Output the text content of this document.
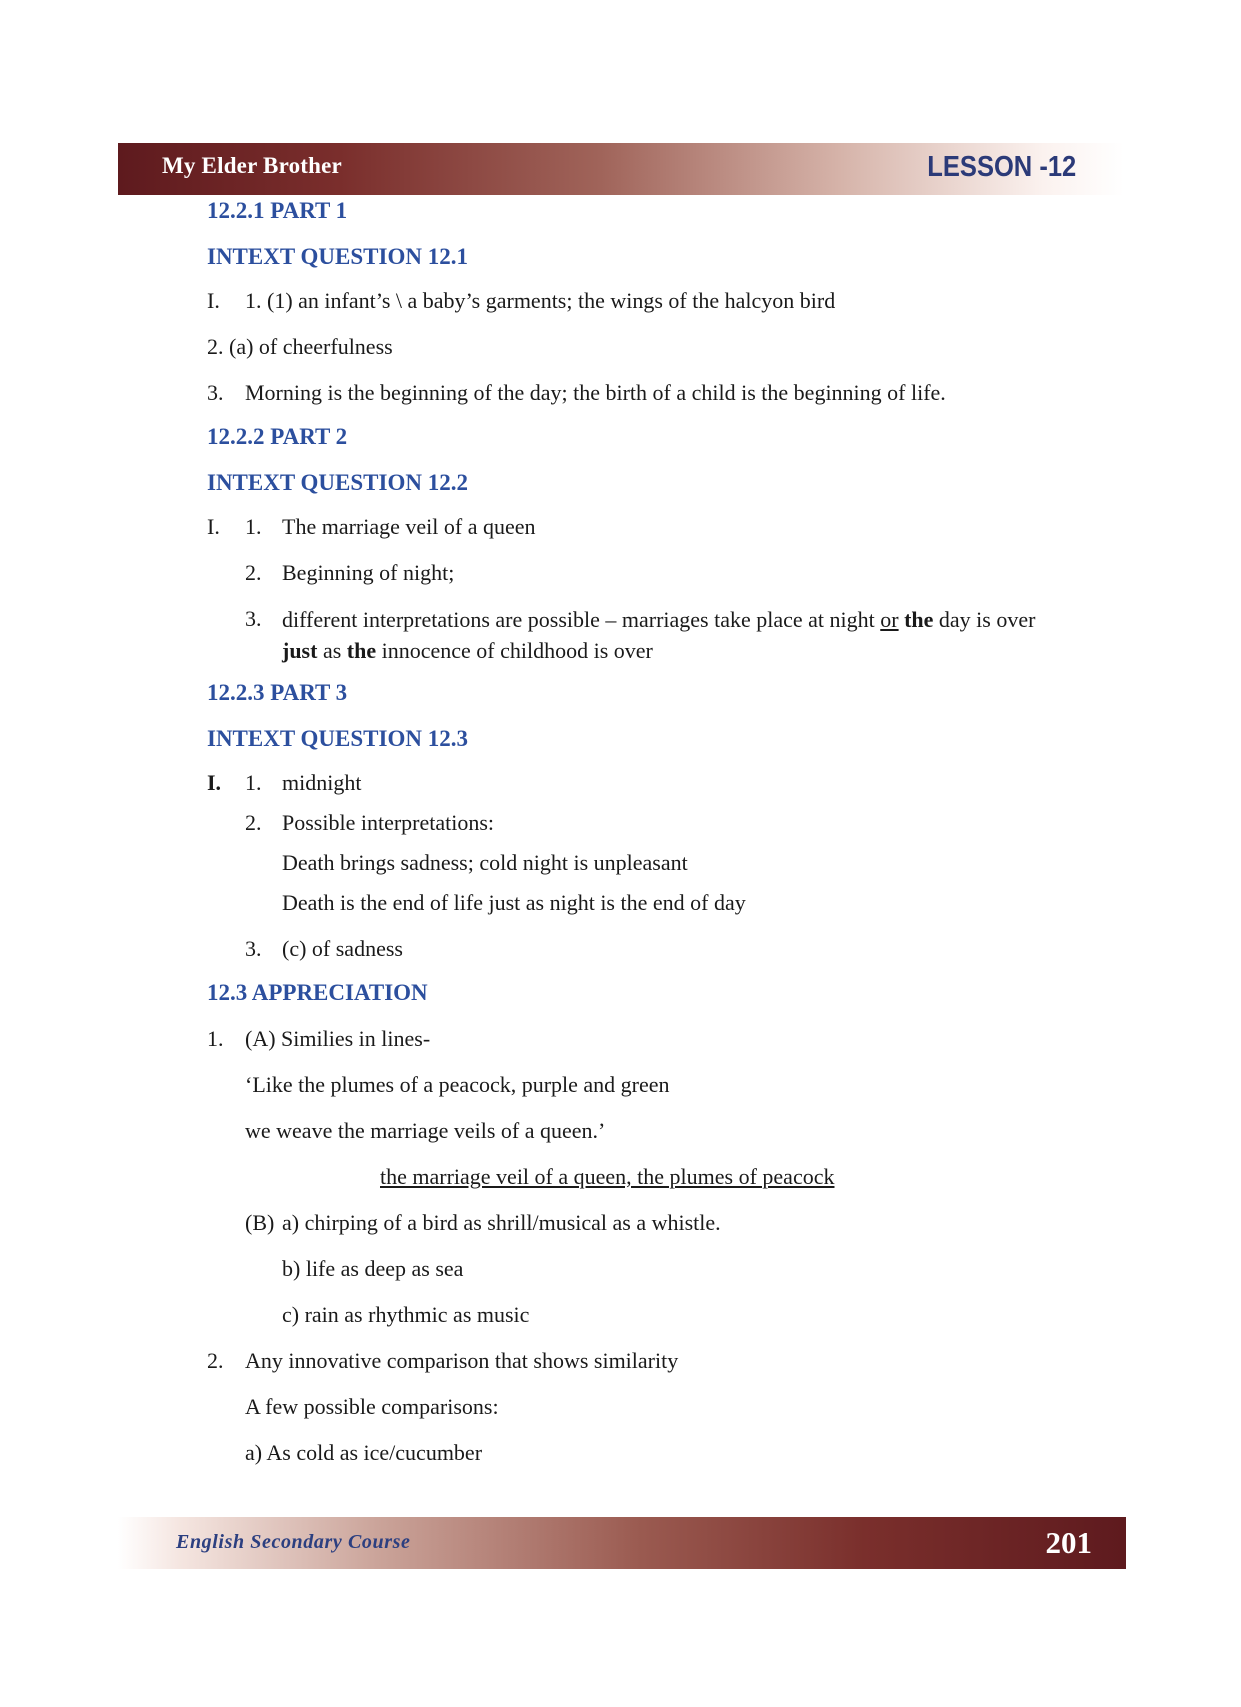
My Elder Brother	LESSON -12
12.2.1 PART 1
INTEXT QUESTION 12.1
I. 1. (1) an infant’s \ a baby’s garments; the wings of the halcyon bird
2. (a) of cheerfulness
3. Morning is the beginning of the day; the birth of a child is the beginning of life.
12.2.2 PART 2
INTEXT QUESTION 12.2
I. 1. The marriage veil of a queen
2. Beginning of night;
3. different interpretations are possible – marriages take place at night or the day is over just as the innocence of childhood is over
12.2.3 PART 3
INTEXT QUESTION 12.3
I. 1. midnight
2. Possible interpretations:
Death brings sadness; cold night is unpleasant
Death is the end of life just as night is the end of day
3. (c) of sadness
12.3 APPRECIATION
1. (A) Similies in lines-
‘Like the plumes of a peacock, purple and green
we weave the marriage veils of a queen.’
the marriage veil of a queen, the plumes of peacock
(B) a) chirping of a bird as shrill/musical as a whistle.
b) life as deep as sea
c) rain as rhythmic as music
2. Any innovative comparison that shows similarity
A few possible comparisons:
a) As cold as ice/cucumber
English Secondary Course	201
